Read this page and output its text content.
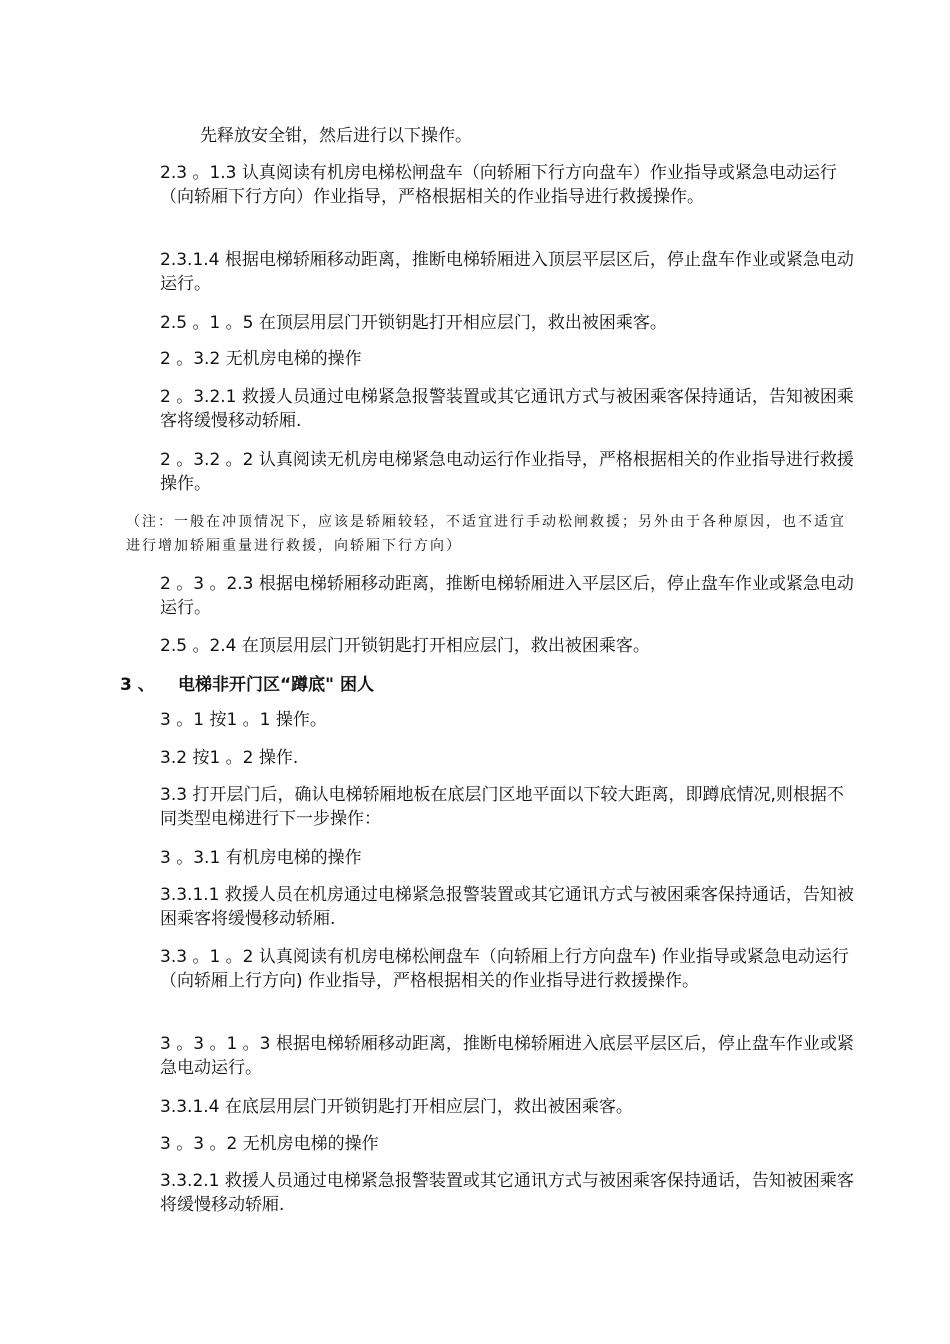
先释放安全钳，然后进行以下操作。
2.3 。1.3 认真阅读有机房电梯松闸盘车（向轿厢下行方向盘车）作业指导或紧急电动运行（向轿厢下行方向）作业指导，严格根据相关的作业指导进行救援操作。
2.3.1.4 根据电梯轿厢移动距离，推断电梯轿厢进入顶层平层区后，停止盘车作业或紧急电动运行。
2.5 。1 。5 在顶层用层门开锁钥匙打开相应层门，救出被困乘客。
2 。3.2 无机房电梯的操作
2 。3.2.1 救援人员通过电梯紧急报警装置或其它通讯方式与被困乘客保持通话，告知被困乘客将缓慢移动轿厢.
2 。3.2 。2 认真阅读无机房电梯紧急电动运行作业指导，严格根据相关的作业指导进行救援操作。
（注：一般在冲顶情况下，应该是轿厢较轻，不适宜进行手动松闸救援；另外由于各种原因，也不适宜进行增加轿厢重量进行救援，向轿厢下行方向）
2 。3 。2.3 根据电梯轿厢移动距离，推断电梯轿厢进入平层区后，停止盘车作业或紧急电动运行。
2.5 。2.4 在顶层用层门开锁钥匙打开相应层门，救出被困乘客。
3 、 电梯非开门区“蹲底" 困人
3 。1 按1 。1 操作。
3.2 按1 。2 操作.
3.3 打开层门后，确认电梯轿厢地板在底层门区地平面以下较大距离，即蹲底情况,则根据不同类型电梯进行下一步操作：
3 。3.1 有机房电梯的操作
3.3.1.1 救援人员在机房通过电梯紧急报警装置或其它通讯方式与被困乘客保持通话，告知被困乘客将缓慢移动轿厢.
3.3 。1 。2 认真阅读有机房电梯松闸盘车（向轿厢上行方向盘车) 作业指导或紧急电动运行（向轿厢上行方向) 作业指导，严格根据相关的作业指导进行救援操作。
3 。3 。1 。3 根据电梯轿厢移动距离，推断电梯轿厢进入底层平层区后，停止盘车作业或紧急电动运行。
3.3.1.4 在底层用层门开锁钥匙打开相应层门，救出被困乘客。
3 。3 。2 无机房电梯的操作
3.3.2.1 救援人员通过电梯紧急报警装置或其它通讯方式与被困乘客保持通话，告知被困乘客将缓慢移动轿厢.
